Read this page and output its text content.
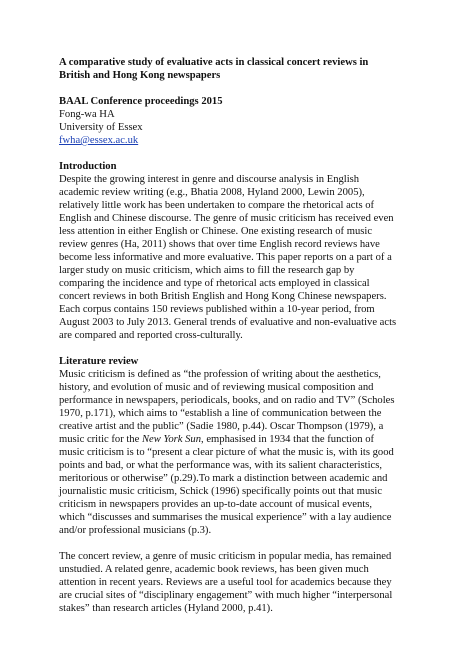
A comparative study of evaluative acts in classical concert reviews in
British and Hong Kong newspapers
BAAL Conference proceedings 2015
Fong-wa HA
University of Essex
fwha@essex.ac.uk

Introduction

Despite the growing interest in genre and discourse analysis in English
academic review writing (e.g., Bhatia 2008, Hyland 2000, Lewin 2005),
relatively little work has been undertaken to compare the rhetorical acts of
English and Chinese discourse. The genre of music criticism has received even
less attention in either English or Chinese. One existing research of music
review genres (Ha, 2011) shows that over time English record reviews have
become less informative and more evaluative. This paper reports on a part of a
larger study on music criticism, which aims to fill the research gap by
comparing the incidence and type of rhetorical acts employed in classical
concert reviews in both British English and Hong Kong Chinese newspapers.
Each corpus contains 150 reviews published within a 10-year period, from
August 2003 to July 2013. General trends of evaluative and non-evaluative acts
are compared and reported cross-culturally.

Literature review

Music criticism is defined as “the profession of writing about the aesthetics,
history, and evolution of music and of reviewing musical composition and
performance in newspapers, periodicals, books, and on radio and TV” (Scholes
1970, p.171), which aims to “establish a line of communication between the
creative artist and the public” (Sadie 1980, p.44). Oscar Thompson (1979), a
music critic for the New York Sun, emphasised in 1934 that the function of
music criticism is to “present a clear picture of what the music is, with its good
points and bad, or what the performance was, with its salient characteristics,
meritorious or otherwise” (p.29).To mark a distinction between academic and
journalistic music criticism, Schick (1996) specifically points out that music
criticism in newspapers provides an up-to-date account of musical events,
which “discusses and summarises the musical experience” with a lay audience
and/or professional musicians (p.3).

The concert review, a genre of music criticism in popular media, has remained
unstudied. A related genre, academic book reviews, has been given much
attention in recent years. Reviews are a useful tool for academics because they
are crucial sites of “disciplinary engagement” with much higher “interpersonal
stakes” than research articles (Hyland 2000, p.41).
